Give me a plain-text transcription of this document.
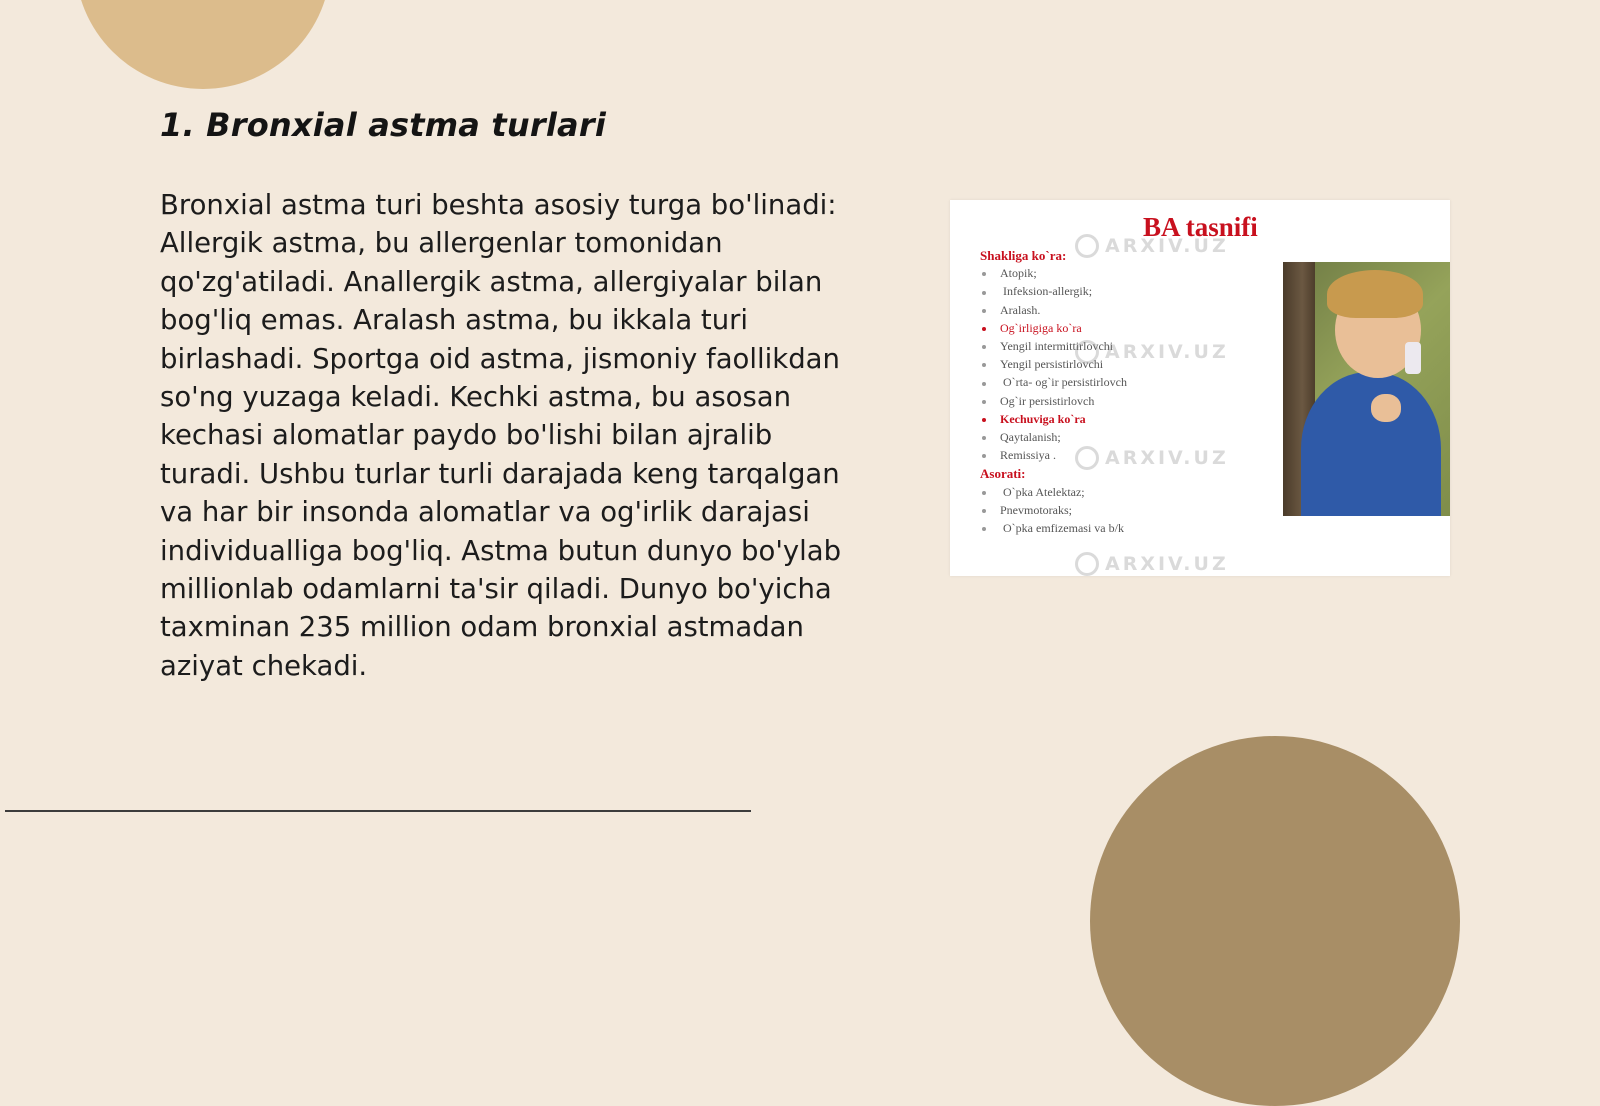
1. Bronxial astma turlari

Bronxial astma turi beshta asosiy turga bo'linadi: Allergik astma, bu allergenlar tomonidan qo'zg'atiladi. Anallergik astma, allergiyalar bilan bog'liq emas. Aralash astma, bu ikkala turi birlashadi. Sportga oid astma, jismoniy faollikdan so'ng yuzaga keladi. Kechki astma, bu asosan kechasi alomatlar paydo bo'lishi bilan ajralib turadi. Ushbu turlar turli darajada keng tarqalgan va har bir insonda alomatlar va og'irlik darajasi individualliga bog'liq. Astma butun dunyo bo'ylab millionlab odamlarni ta'sir qiladi. Dunyo bo'yicha taxminan 235 million odam bronxial astmadan aziyat chekadi.

BA tasnifi
Shakliga ko`ra:
Atopik;
Infeksion-allergik;
Aralash.
Og`irligiga ko`ra
Yengil intermittirlovchi
Yengil persistirlovchi
O`rta- og`ir persistirlovch
Og`ir persistirlovch
Kechuviga ko`ra
Qaytalanish;
Remissiya .
Asorati:
O`pka Atelektaz;
Pnevmotoraks;
O`pka emfizemasi va b/k
ARXIV.UZ
ARXIV.UZ
ARXIV.UZ
ARXIV.UZ
